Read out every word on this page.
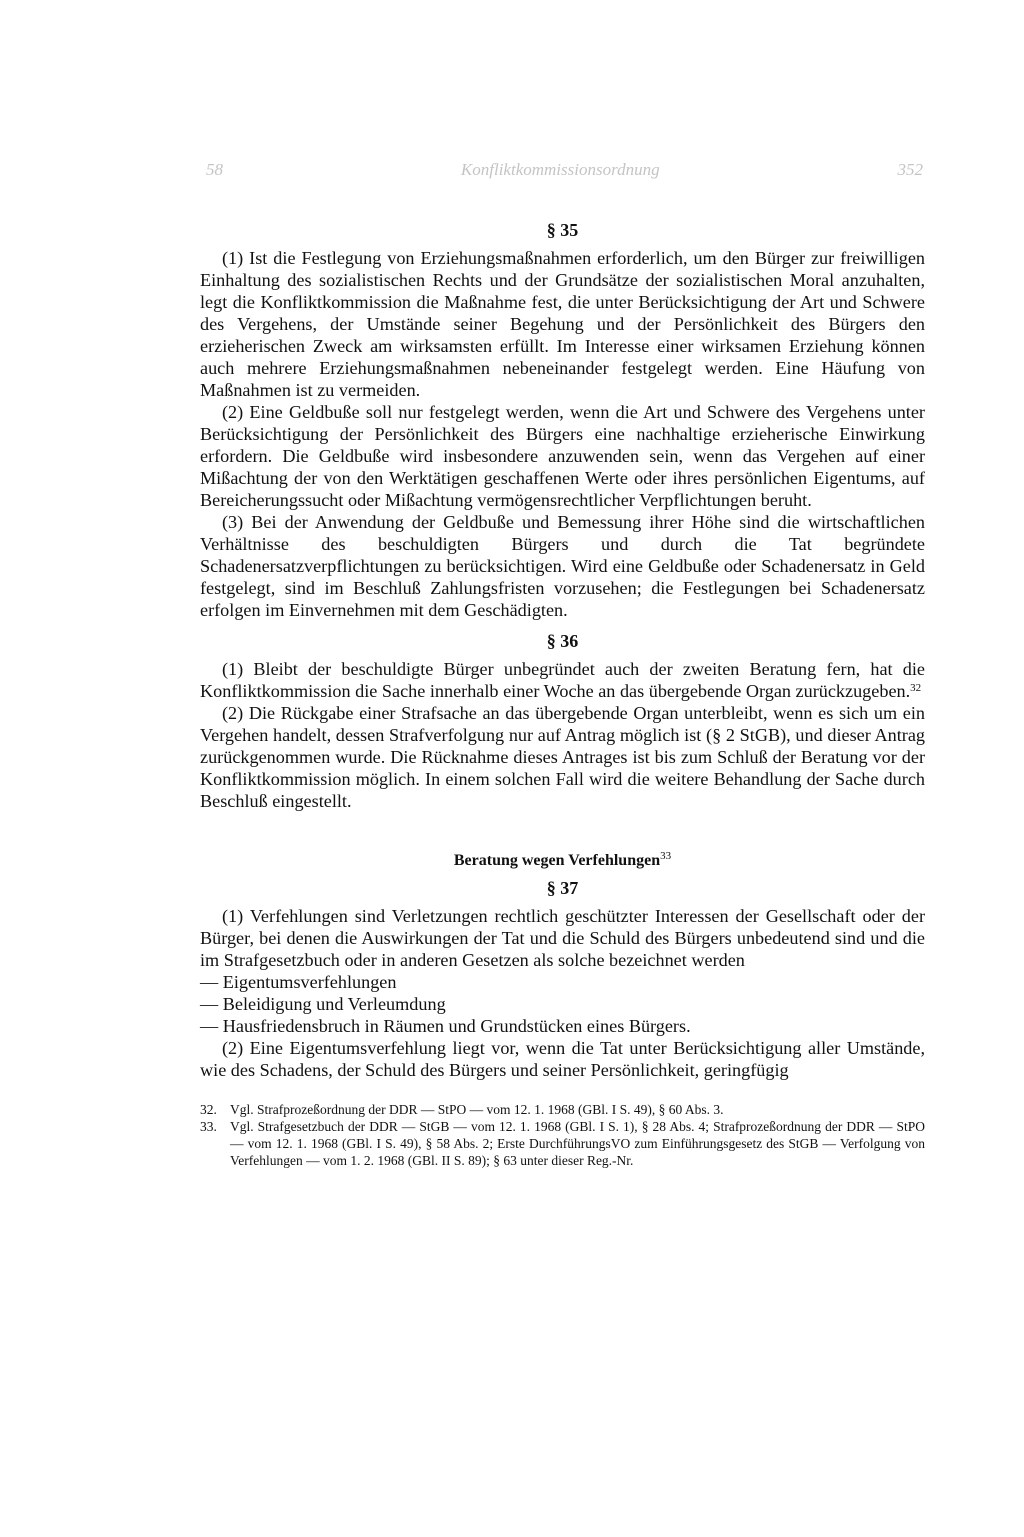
58	Konfliktkommissionsordnung	352
§ 35

(1) Ist die Festlegung von Erziehungsmaßnahmen erforderlich, um den Bürger zur freiwilligen Einhaltung des sozialistischen Rechts und der Grundsätze der sozialistischen Moral anzuhalten, legt die Konfliktkommission die Maßnahme fest, die unter Berücksichtigung der Art und Schwere des Vergehens, der Umstände seiner Begehung und der Persönlichkeit des Bürgers den erzieherischen Zweck am wirksamsten erfüllt. Im Interesse einer wirksamen Erziehung können auch mehrere Erziehungsmaßnahmen nebeneinander festgelegt werden. Eine Häufung von Maßnahmen ist zu vermeiden.

(2) Eine Geldbuße soll nur festgelegt werden, wenn die Art und Schwere des Vergehens unter Berücksichtigung der Persönlichkeit des Bürgers eine nachhaltige erzieherische Einwirkung erfordern. Die Geldbuße wird insbesondere anzuwenden sein, wenn das Vergehen auf einer Mißachtung der von den Werktätigen geschaffenen Werte oder ihres persönlichen Eigentums, auf Bereicherungssucht oder Mißachtung vermögensrechtlicher Verpflichtungen beruht.

(3) Bei der Anwendung der Geldbuße und Bemessung ihrer Höhe sind die wirtschaftlichen Verhältnisse des beschuldigten Bürgers und durch die Tat begründete Schadenersatzverpflichtungen zu berücksichtigen. Wird eine Geldbuße oder Schadenersatz in Geld festgelegt, sind im Beschluß Zahlungsfristen vorzusehen; die Festlegungen bei Schadenersatz erfolgen im Einvernehmen mit dem Geschädigten.

§ 36

(1) Bleibt der beschuldigte Bürger unbegründet auch der zweiten Beratung fern, hat die Konfliktkommission die Sache innerhalb einer Woche an das übergebende Organ zurückzugeben.$^{32}$

(2) Die Rückgabe einer Strafsache an das übergebende Organ unterbleibt, wenn es sich um ein Vergehen handelt, dessen Strafverfolgung nur auf Antrag möglich ist (§ 2 StGB), und dieser Antrag zurückgenommen wurde. Die Rücknahme dieses Antrages ist bis zum Schluß der Beratung vor der Konfliktkommission möglich. In einem solchen Fall wird die weitere Behandlung der Sache durch Beschluß eingestellt.

Beratung wegen Verfehlungen$^{33}$
§ 37

(1) Verfehlungen sind Verletzungen rechtlich geschützter Interessen der Gesellschaft oder der Bürger, bei denen die Auswirkungen der Tat und die Schuld des Bürgers unbedeutend sind und die im Strafgesetzbuch oder in anderen Gesetzen als solche bezeichnet werden

— Eigentumsverfehlungen

— Beleidigung und Verleumdung

— Hausfriedensbruch in Räumen und Grundstücken eines Bürgers.

(2) Eine Eigentumsverfehlung liegt vor, wenn die Tat unter Berücksichtigung aller Umstände, wie des Schadens, der Schuld des Bürgers und seiner Persönlichkeit, geringfügig

32. Vgl. Strafprozeßordnung der DDR — StPO — vom 12. 1. 1968 (GBl. I S. 49), § 60 Abs. 3.
33. Vgl. Strafgesetzbuch der DDR — StGB — vom 12. 1. 1968 (GBl. I S. 1), § 28 Abs. 4; Strafprozeßordnung der DDR — StPO — vom 12. 1. 1968 (GBl. I S. 49), § 58 Abs. 2; Erste DurchführungsVO zum Einführungsgesetz des StGB — Verfolgung von Verfehlungen — vom 1. 2. 1968 (GBl. II S. 89); § 63 unter dieser Reg.-Nr.
